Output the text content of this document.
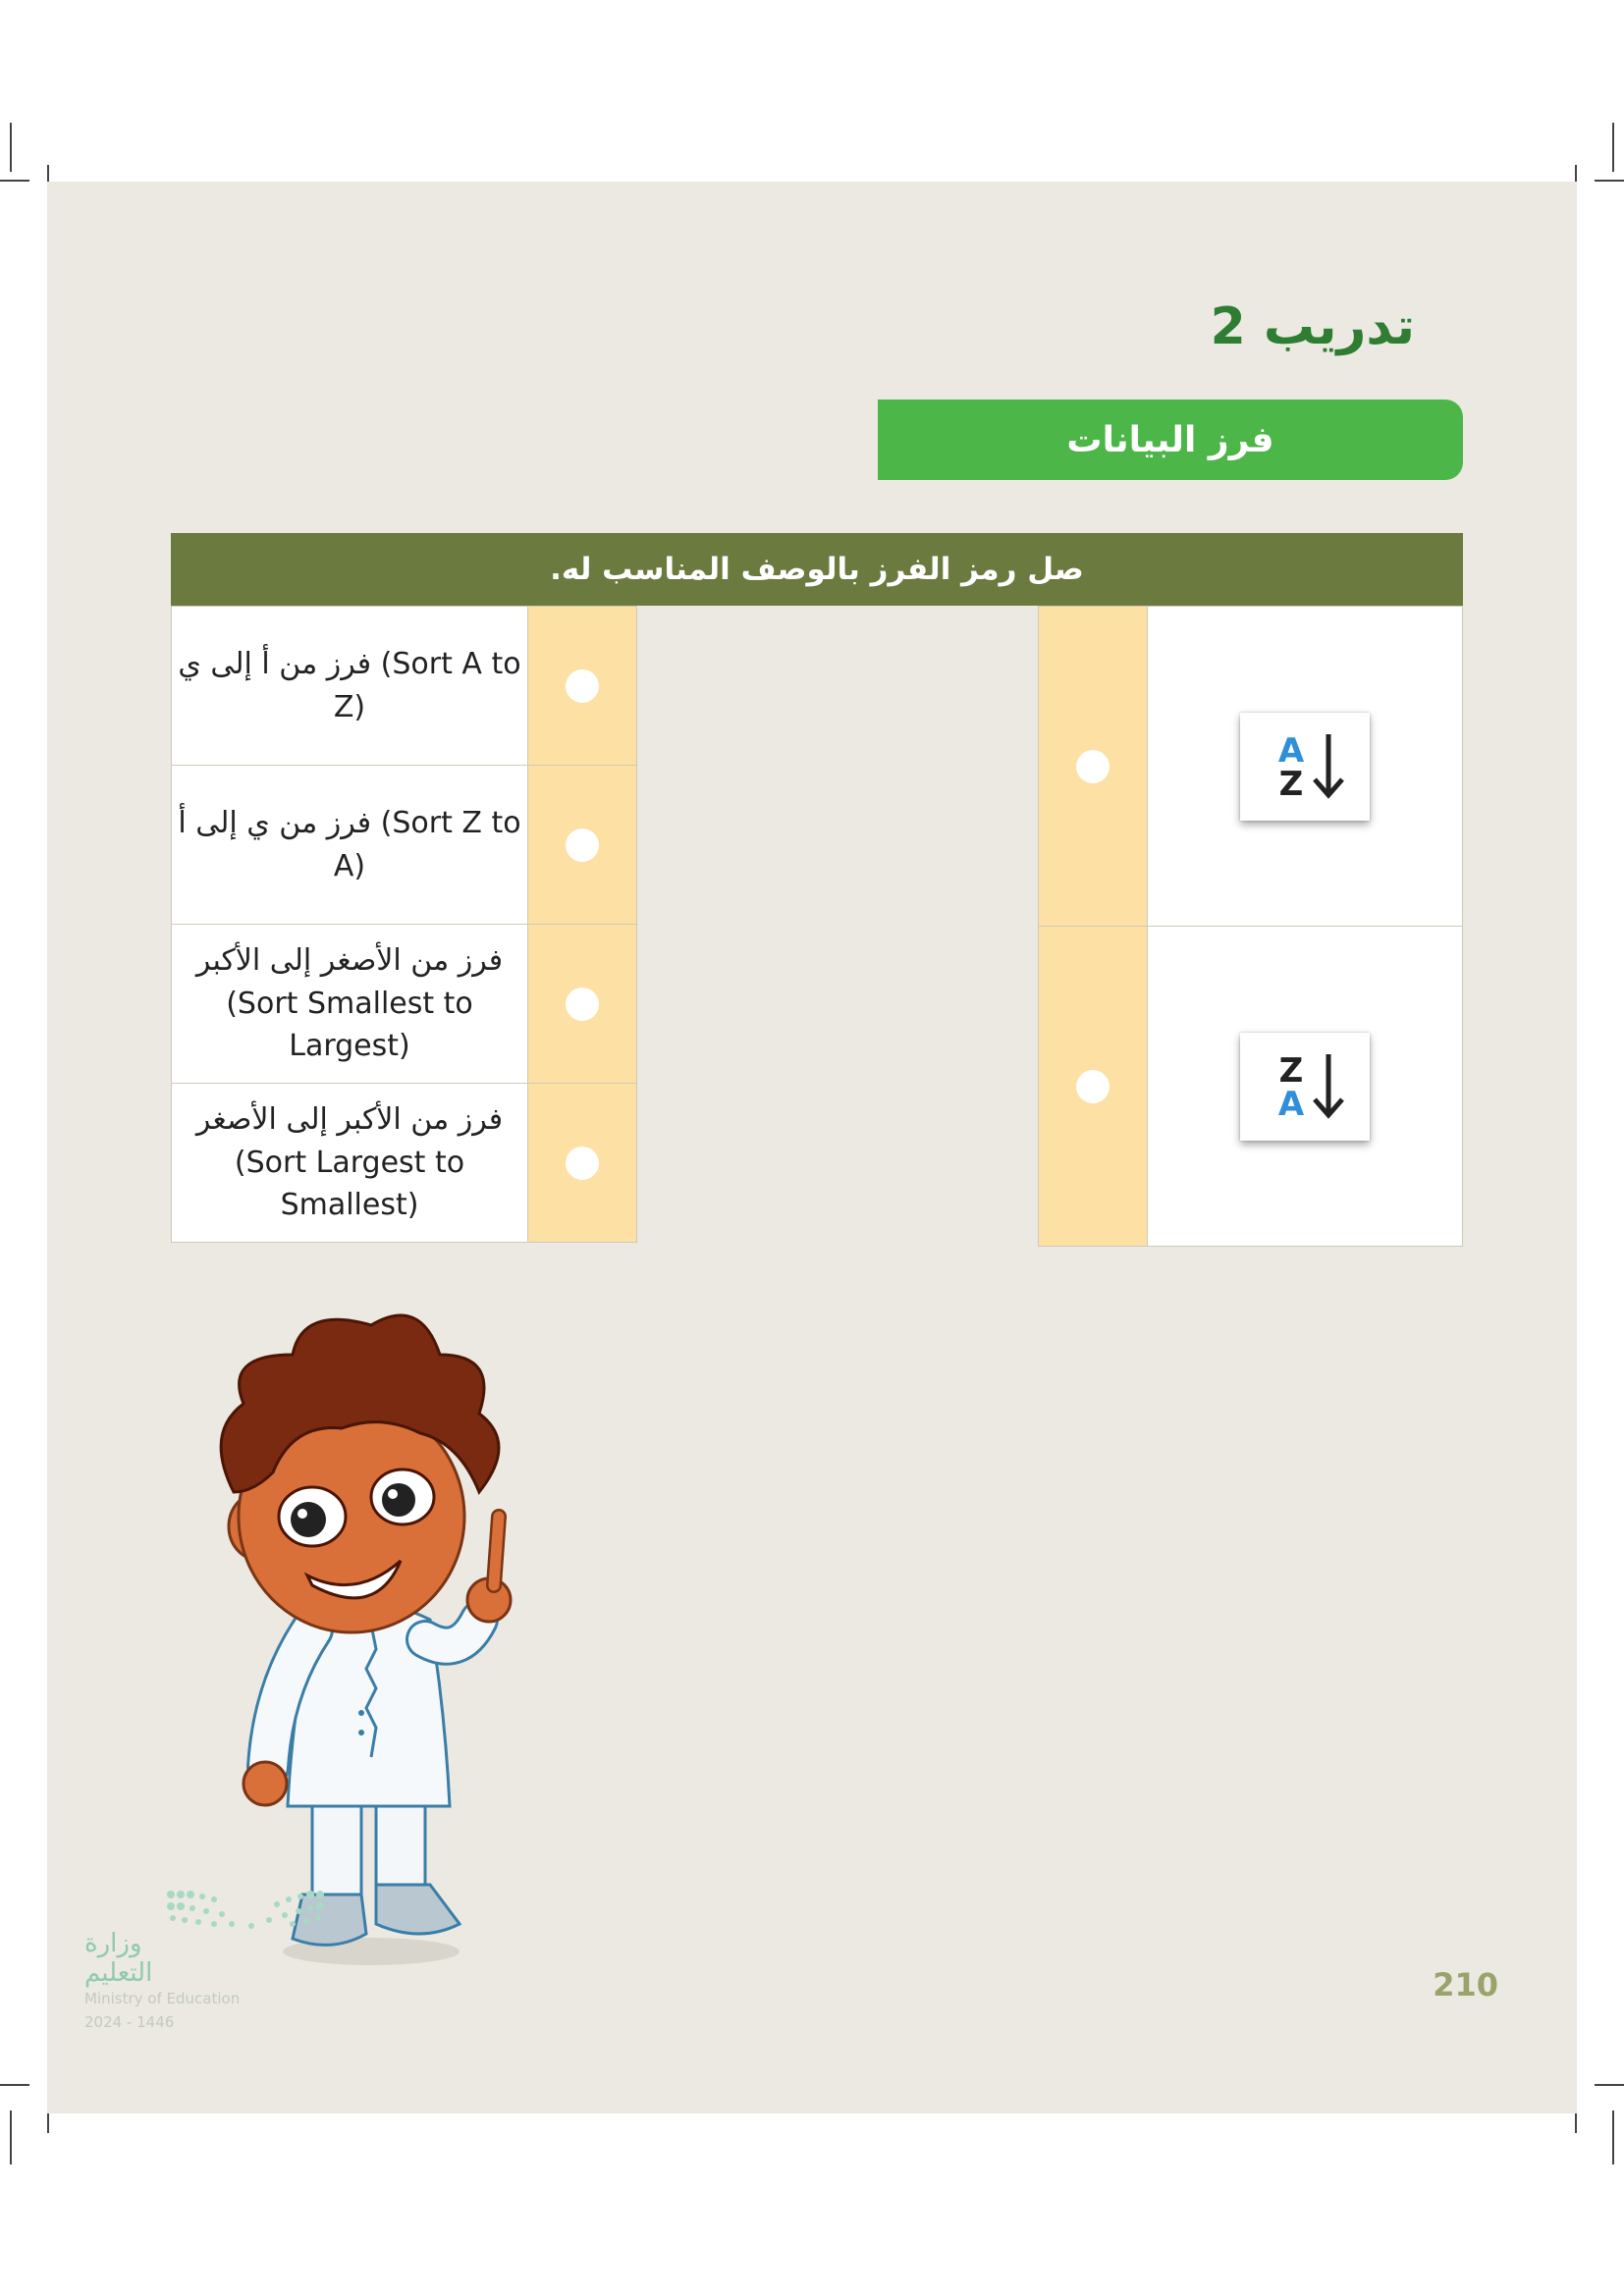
تدريب 2
فرز البيانات
صل رمز الفرز بالوصف المناسب له.
فرز من أ إلى ي (Sort A to Z)	

فرز من ي إلى أ (Sort Z to A)	

فرز من الأصغر إلى الأكبر
(Sort Smallest to Largest)	

فرز من الأكبر إلى الأصغر
(Sort Largest to Smallest)	

A
Z

Z
A
وزارة التعليم
Ministry of Education
2024 - 1446
210
